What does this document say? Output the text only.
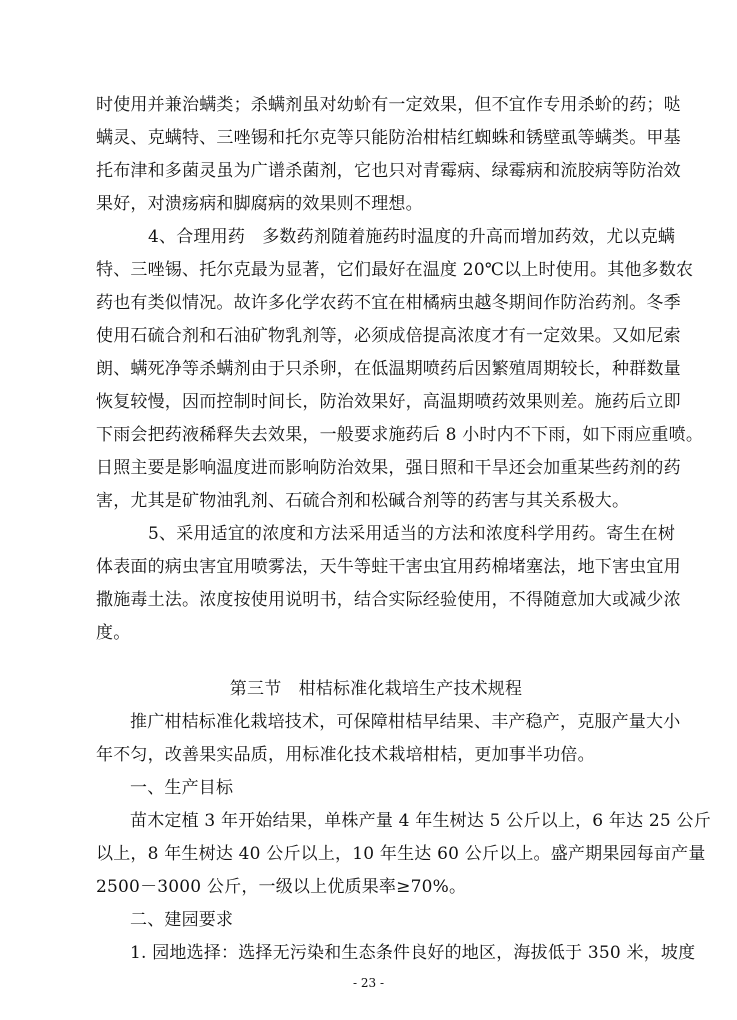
时使用并兼治螨类；杀螨剂虽对幼蚧有一定效果，但不宜作专用杀蚧的药；哒
螨灵、克螨特、三唑锡和托尔克等只能防治柑桔红蜘蛛和锈壁虱等螨类。甲基
托布津和多菌灵虽为广谱杀菌剂，它也只对青霉病、绿霉病和流胶病等防治效
果好，对溃疡病和脚腐病的效果则不理想。
4、合理用药　多数药剂随着施药时温度的升高而增加药效，尤以克螨
特、三唑锡、托尔克最为显著，它们最好在温度 20℃以上时使用。其他多数农
药也有类似情况。故许多化学农药不宜在柑橘病虫越冬期间作防治药剂。冬季
使用石硫合剂和石油矿物乳剂等，必须成倍提高浓度才有一定效果。又如尼索
朗、螨死净等杀螨剂由于只杀卵，在低温期喷药后因繁殖周期较长，种群数量
恢复较慢，因而控制时间长，防治效果好，高温期喷药效果则差。施药后立即
下雨会把药液稀释失去效果，一般要求施药后 8 小时内不下雨，如下雨应重喷。
日照主要是影响温度进而影响防治效果，强日照和干旱还会加重某些药剂的药
害，尤其是矿物油乳剂、石硫合剂和松碱合剂等的药害与其关系极大。
5、采用适宜的浓度和方法采用适当的方法和浓度科学用药。寄生在树
体表面的病虫害宜用喷雾法，天牛等蛀干害虫宜用药棉堵塞法，地下害虫宜用
撒施毒土法。浓度按使用说明书，结合实际经验使用，不得随意加大或减少浓
度。
第三节　柑桔标准化栽培生产技术规程
推广柑桔标准化栽培技术，可保障柑桔早结果、丰产稳产，克服产量大小
年不匀，改善果实品质，用标准化技术栽培柑桔，更加事半功倍。
一、生产目标
苗木定植 3 年开始结果，单株产量 4 年生树达 5 公斤以上，6 年达 25 公斤
以上，8 年生树达 40 公斤以上，10 年生达 60 公斤以上。盛产期果园每亩产量
2500－3000 公斤，一级以上优质果率≥70%。
二、建园要求
1. 园地选择：选择无污染和生态条件良好的地区，海拔低于 350 米，坡度
- 23 -
